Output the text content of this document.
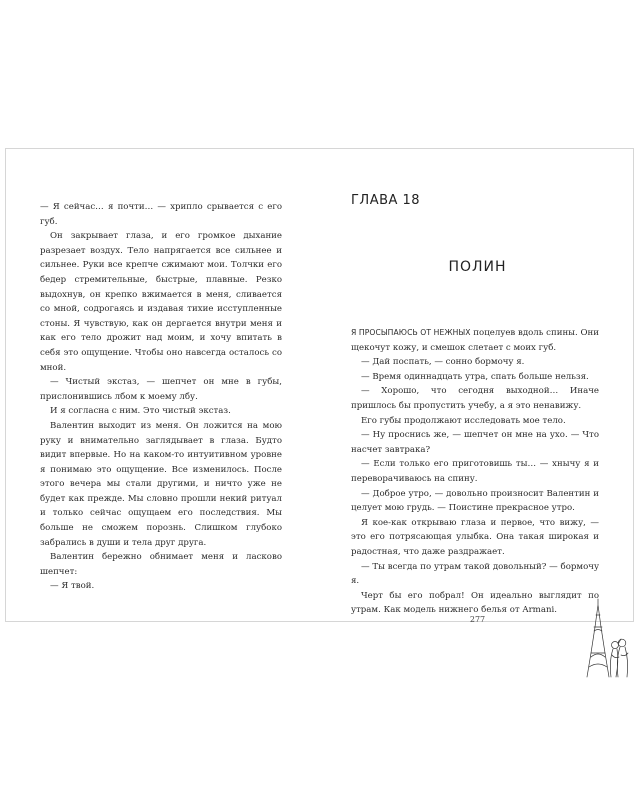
— Я сейчас… я почти… — хрипло срывается с его губ.

Он закрывает глаза, и его громкое дыхание разрезает воздух. Тело напрягается все сильнее и сильнее. Руки все крепче сжимают мои. Толчки его бедер стремительные, быстрые, плавные. Резко выдохнув, он крепко вжимается в меня, сливается со мной, содрогаясь и издавая тихие исступленные стоны. Я чувствую, как он дергается внутри меня и как его тело дрожит над моим, и хочу впитать в себя это ощущение. Чтобы оно навсегда осталось со мной.

— Чистый экстаз, — шепчет он мне в губы, прислонившись лбом к моему лбу.

И я согласна с ним. Это чистый экстаз.

Валентин выходит из меня. Он ложится на мою руку и внимательно заглядывает в глаза. Будто видит впервые. Но на каком-то интуитивном уровне я понимаю это ощущение. Все изменилось. После этого вечера мы стали другими, и ничто уже не будет как прежде. Мы словно прошли некий ритуал и только сейчас ощущаем его последствия. Мы больше не сможем порознь. Слишком глубоко забрались в души и тела друг друга.

Валентин бережно обнимает меня и ласково шепчет:

— Я твой.

ГЛАВА 18
ПОЛИН

Я ПРОСЫПАЮСЬ ОТ НЕЖНЫХ поцелуев вдоль спины. Они щекочут кожу, и смешок слетает с моих губ.

— Дай поспать, — сонно бормочу я.

— Время одиннадцать утра, спать больше нельзя.

— Хорошо, что сегодня выходной… Иначе пришлось бы пропустить учебу, а я это ненавижу.

Его губы продолжают исследовать мое тело.

— Ну проснись же, — шепчет он мне на ухо. — Что насчет завтрака?

— Если только его приготовишь ты… — хнычу я и переворачиваюсь на спину.

— Доброе утро, — довольно произносит Валентин и целует мою грудь. — Поистине прекрасное утро.

Я кое-как открываю глаза и первое, что вижу, — это его потрясающая улыбка. Она такая широкая и радостная, что даже раздражает.

— Ты всегда по утрам такой довольный? — бормочу я.

Черт бы его побрал! Он идеально выглядит по утрам. Как модель нижнего белья от Armani.

277
